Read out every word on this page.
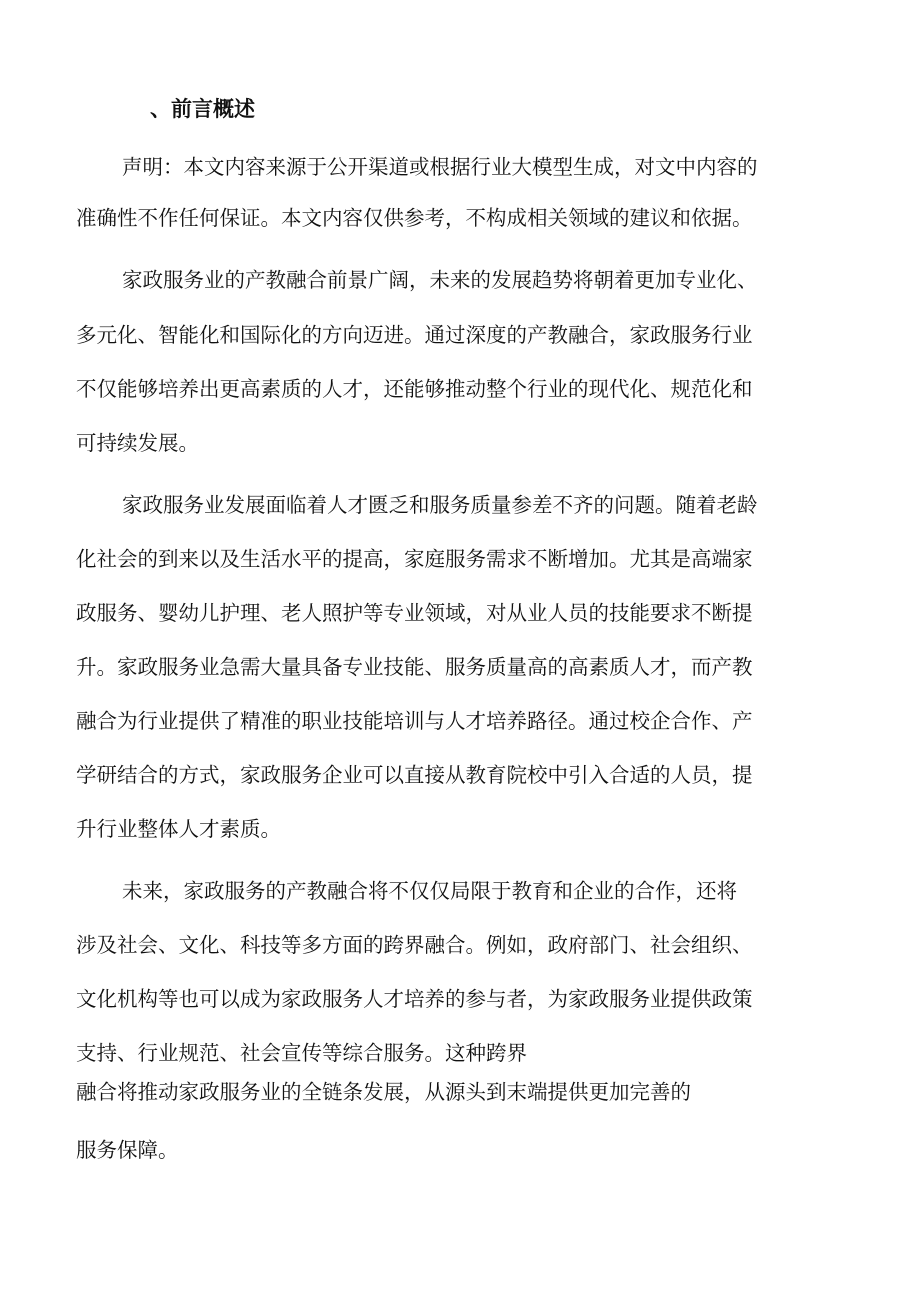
、前言概述

声明：本文内容来源于公开渠道或根据行业大模型生成，对文中内容的

准确性不作任何保证。本文内容仅供参考，不构成相关领域的建议和依据。

家政服务业的产教融合前景广阔，未来的发展趋势将朝着更加专业化、

多元化、智能化和国际化的方向迈进。通过深度的产教融合，家政服务行业

不仅能够培养出更高素质的人才，还能够推动整个行业的现代化、规范化和

可持续发展。

家政服务业发展面临着人才匮乏和服务质量参差不齐的问题。随着老龄

化社会的到来以及生活水平的提高，家庭服务需求不断增加。尤其是高端家

政服务、婴幼儿护理、老人照护等专业领域，对从业人员的技能要求不断提

升。家政服务业急需大量具备专业技能、服务质量高的高素质人才，而产教

融合为行业提供了精准的职业技能培训与人才培养路径。通过校企合作、产

学研结合的方式，家政服务企业可以直接从教育院校中引入合适的人员，提

升行业整体人才素质。

未来，家政服务的产教融合将不仅仅局限于教育和企业的合作，还将

涉及社会、文化、科技等多方面的跨界融合。例如，政府部门、社会组织、

文化机构等也可以成为家政服务人才培养的参与者，为家政服务业提供政策

支持、行业规范、社会宣传等综合服务。这种跨界

融合将推动家政服务业的全链条发展，从源头到末端提供更加完善的

服务保障。
